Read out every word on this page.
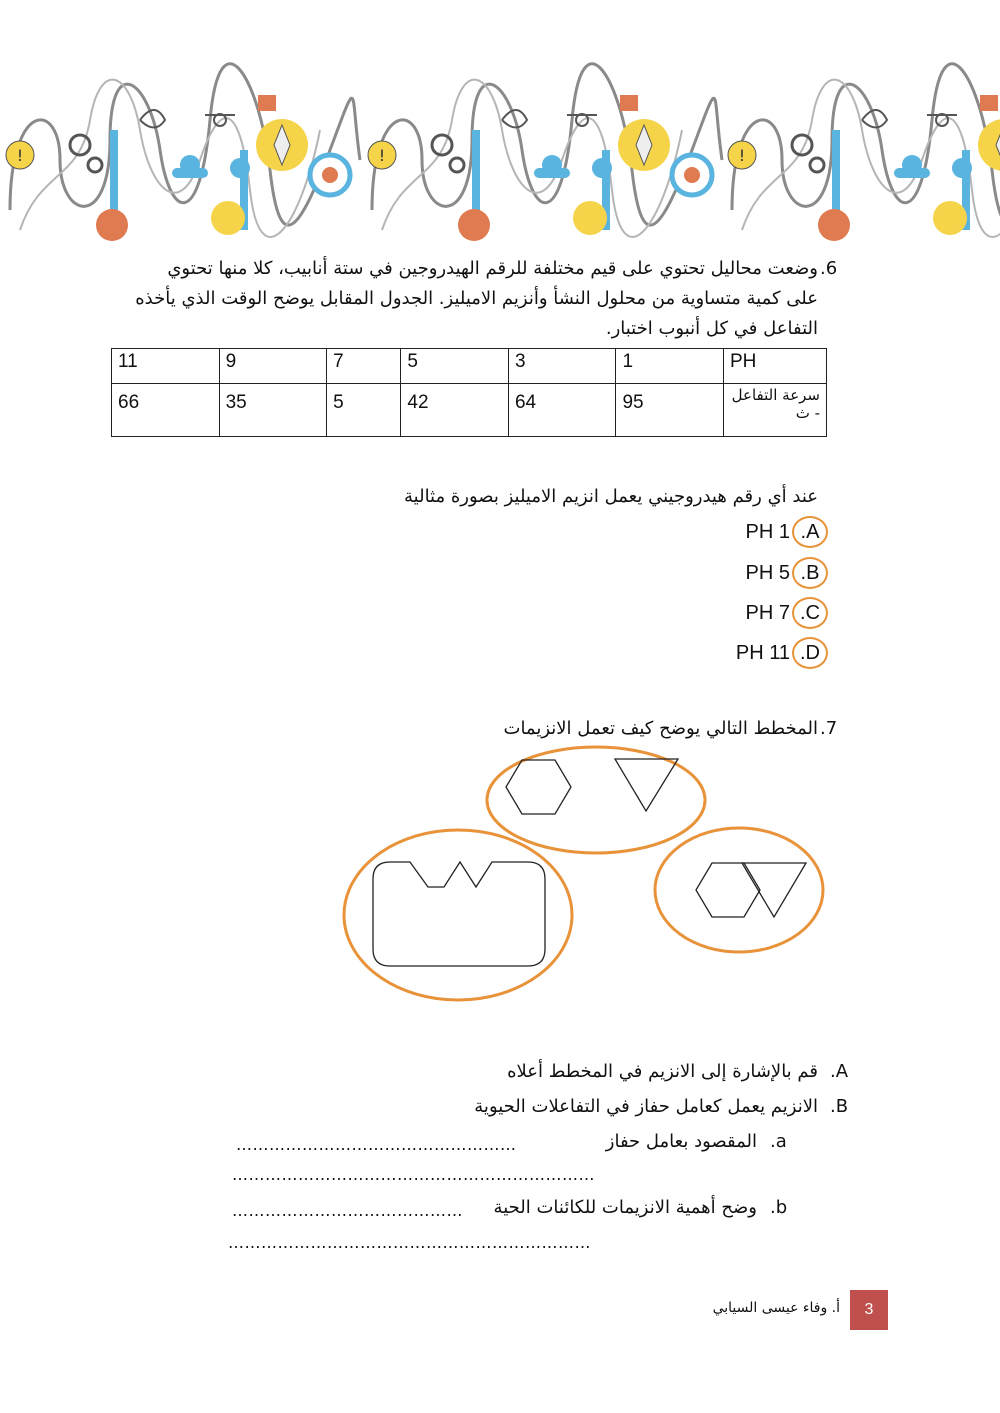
.6
وضعت محاليل تحتوي على قيم مختلفة للرقم الهيدروجين في ستة أنابيب، كلا منها تحتوي
على كمية متساوية من محلول النشأ وأنزيم الاميليز. الجدول المقابل يوضح الوقت الذي يأخذه
التفاعل في كل أنبوب اختبار.
PH	1	3	5	7	9	11
سرعة التفاعل - ث	95	64	42	5	35	66
عند أي رقم هيدروجيني يعمل انزيم الاميليز بصورة مثالية
PH 1 .A
PH 5 .B
PH 7 .C
PH 11 .D
.7
المخطط التالي يوضح كيف تعمل الانزيمات
.A
قم بالإشارة إلى الانزيم في المخطط أعلاه
.B
الانزيم يعمل كعامل حفاز في التفاعلات الحيوية
.a
المقصود بعامل حفاز
……………………………………………
…………………………………………………………
.b
وضح أهمية الانزيمات للكائنات الحية
……………………………………
…………………………………………………………
3
أ. وفاء عيسى السيابي
